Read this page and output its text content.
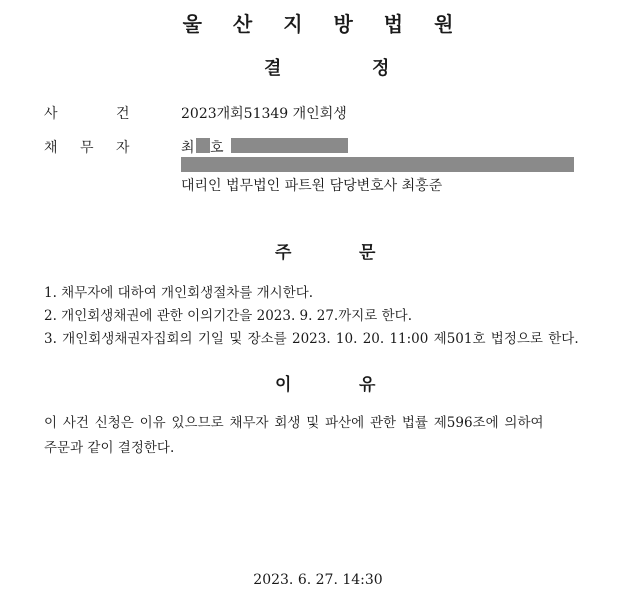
울 산 지 방 법 원
결	정
사	건	2023개회51349 개인회생
채 무 자	최 호
대리인 법무법인 파트원 담당변호사 최홍준
주	문
1. 채무자에 대하여 개인회생절차를 개시한다.
2. 개인회생채권에 관한 이의기간을 2023. 9. 27.까지로 한다.
3. 개인회생채권자집회의 기일 및 장소를 2023. 10. 20. 11:00 제501호 법정으로 한다.
이	유
이 사건 신청은 이유 있으므로 채무자 회생 및 파산에 관한 법률 제596조에 의하여
주문과 같이 결정한다.
2023. 6. 27. 14:30
